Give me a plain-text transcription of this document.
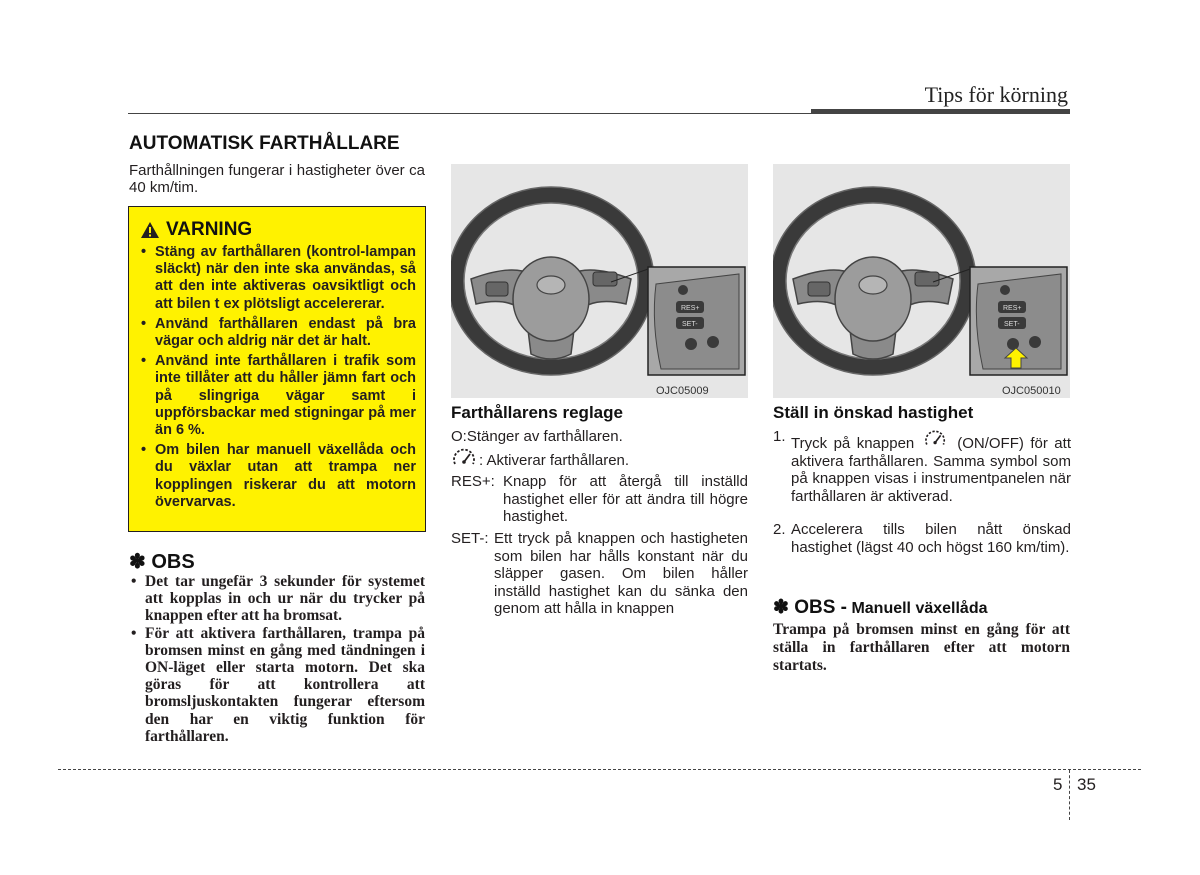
Tips för körning
AUTOMATISK FARTHÅLLARE
Farthållningen fungerar i hastigheter över ca 40 km/tim.
VARNING
• Stäng av farthållaren (kontrol-lampan släckt) när den inte ska användas, så att den inte aktiveras oavsiktligt och att bilen t ex plötsligt accelererar.
• Använd farthållaren endast på bra vägar och aldrig när det är halt.
• Använd inte farthållaren i trafik som inte tillåter att du håller jämn fart och på slingriga vägar samt i uppförsbackar med stigningar på mer än 6 %.
• Om bilen har manuell växellåda och du växlar utan att trampa ner kopplingen riskerar du att motorn övervarvas.
✽ OBS
• Det tar ungefär 3 sekunder för systemet att kopplas in och ur när du trycker på knappen efter att ha bromsat.
• För att aktivera farthållaren, trampa på bromsen minst en gång med tändningen i ON-läget eller starta motorn. Det ska göras för att kontrollera att bromsljuskontakten fungerar eftersom den har en viktig funktion för farthållaren.
RES+
SET-
OJC05009
RES+
SET-
OJC050010
Farthållarens reglage
O:Stänger av farthållaren.
: Aktiverar farthållaren.
RES+: Knapp för att återgå till inställd hastighet eller för att ändra till högre hastighet.
SET-: Ett tryck på knappen och hastigheten som bilen har hålls konstant när du släpper gasen. Om bilen håller inställd hastighet kan du sänka den genom att hålla in knappen
Ställ in önskad hastighet
1. Tryck på knappen	(ON/OFF) för att aktivera farthållaren. Samma symbol som på knappen visas i instrumentpanelen när farthållaren är aktiverad.
2. Accelerera tills bilen nått önskad hastighet (lägst 40 och högst 160 km/tim).
✽ OBS - Manuell växellåda
Trampa på bromsen minst en gång för att ställa in farthållaren efter att motorn startats.
5 35
